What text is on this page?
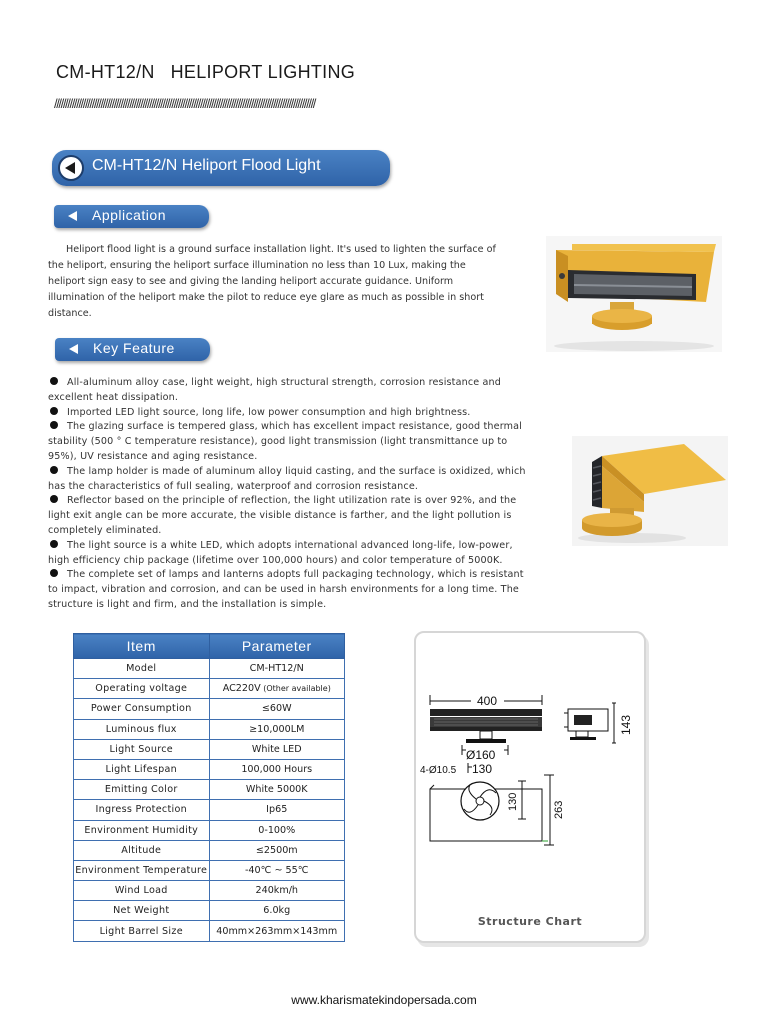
CM-HT12/N   HELIPORT LIGHTING
//////////////////////////////////////////////////////////////////////////////////////////////////////////////////////
CM-HT12/N Heliport Flood Light
Application

Heliport flood light is a ground surface installation light. It's used to lighten the surface of the heliport, ensuring the heliport surface illumination no less than 10 Lux, making the heliport sign easy to see and giving the landing heliport accurate guidance. Uniform illumination of the heliport make the pilot to reduce eye glare as much as possible in short distance.

Key Feature

All-aluminum alloy case, light weight, high structural strength, corrosion resistance and excellent heat dissipation.

Imported LED light source, long life, low power consumption and high brightness.

The glazing surface is tempered glass, which has excellent impact resistance, good thermal stability (500 ° C temperature resistance), good light transmission (light transmittance up to 95%), UV resistance and aging resistance.

The lamp holder is made of aluminum alloy liquid casting, and the surface is oxidized, which has the characteristics of full sealing, waterproof and corrosion resistance.

Reflector based on the principle of reflection, the light utilization rate is over 92%, and the light exit angle can be more accurate, the visible distance is farther, and the light pollution is completely eliminated.

The light source is a white LED, which adopts international advanced long-life, low-power, high efficiency chip package (lifetime over 100,000 hours) and color temperature of 5000K.

The complete set of lamps and lanterns adopts full packaging technology, which is resistant to impact, vibration and corrosion, and can be used in harsh environments for a long time. The structure is light and firm, and the installation is simple.

Item	Parameter
Model	CM-HT12/N
Operating voltage	AC220V (Other available)
Power Consumption	≤60W
Luminous flux	≥10,000LM
Light Source	White LED
Light Lifespan	100,000 Hours
Emitting Color	White 5000K
Ingress Protection	Ip65
Environment Humidity	0-100%
Altitude	≤2500m
Environment Temperature	-40℃ ~ 55℃
Wind Load	240km/h
Net Weight	6.0kg
Light Barrel Size	40mm×263mm×143mm
400
Ø160
143
4-Ø10.5 130
130	263
Structure Chart
www.kharismatekindopersada.com
